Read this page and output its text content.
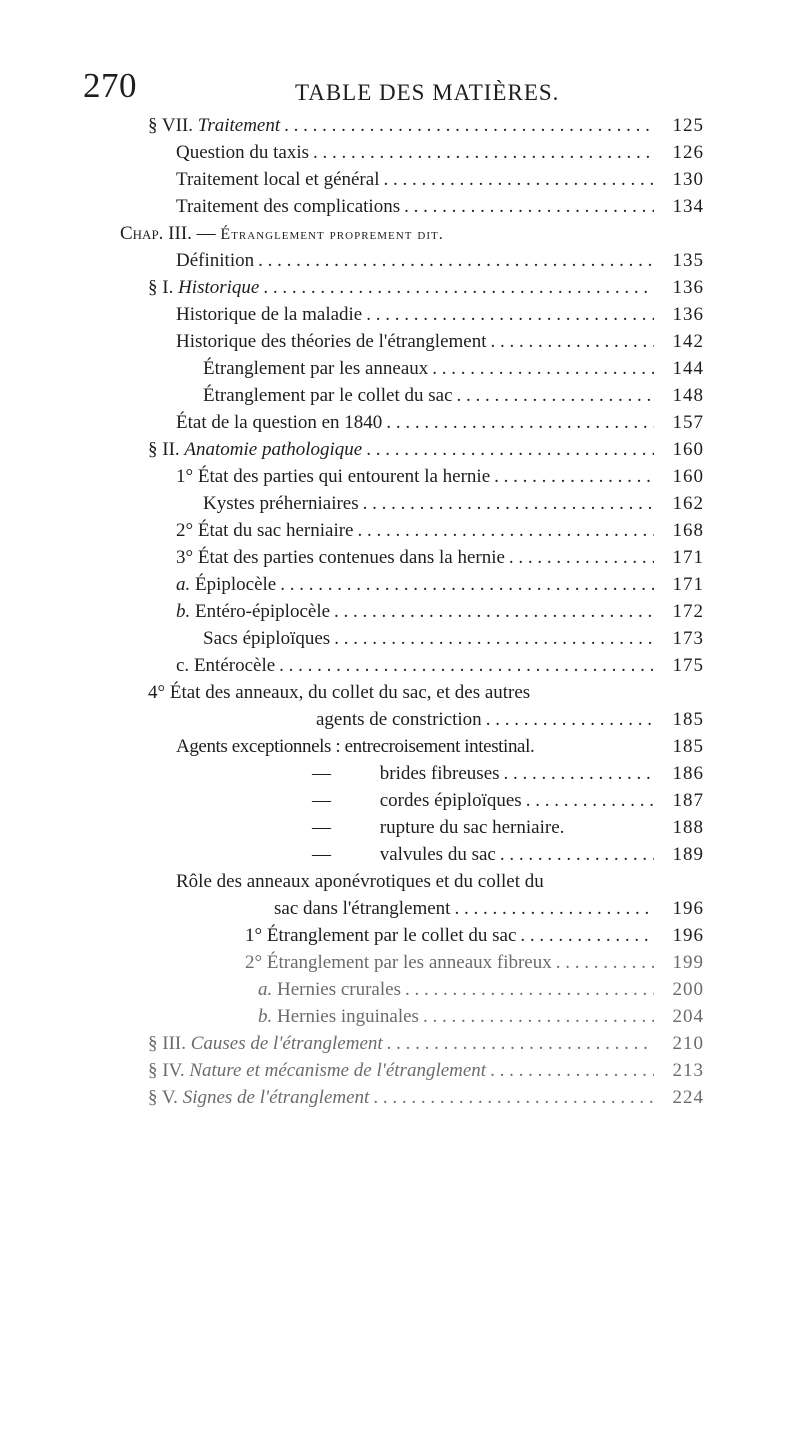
270	TABLE DES MATIÈRES.
§ VII. Traitement . . .	125
Question du taxis . . .	126
Traitement local et général . . .	130
Traitement des complications . . .	134
Chap. III. — Étranglement proprement dit.
Définition . . .	135
§ I. Historique . . .	136
Historique de la maladie . . .	136
Historique des théories de l'étranglement . . .	142
Étranglement par les anneaux . . .	144
Étranglement par le collet du sac . . .	148
État de la question en 1840 . . .	157
§ II. Anatomie pathologique . . .	160
1° État des parties qui entourent la hernie . . .	160
Kystes préherniaires . . .	162
2° État du sac herniaire . . .	168
3° État des parties contenues dans la hernie . . .	171
a. Épiplocèle . . .	171
b. Entéro-épiplocèle . . .	172
Sacs épiploïques . . .	173
c. Entérocèle . . .	175
4° État des anneaux, du collet du sac, et des autres
agents de constriction . . .	185
Agents exceptionnels : entrecroisement intestinal.	185
— brides fibreuses . . .	186
— cordes épiploïques . . .	187
— rupture du sac herniaire.	188
— valvules du sac . . .	189
Rôle des anneaux aponévrotiques et du collet du
sac dans l'étranglement . . .	196
1° Étranglement par le collet du sac . . .	196
2° Étranglement par les anneaux fibreux . . .	199
a. Hernies crurales . . .	200
b. Hernies inguinales . . .	204
§ III. Causes de l'étranglement . . .	210
§ IV. Nature et mécanisme de l'étranglement . . .	213
§ V. Signes de l'étranglement . . .	224
